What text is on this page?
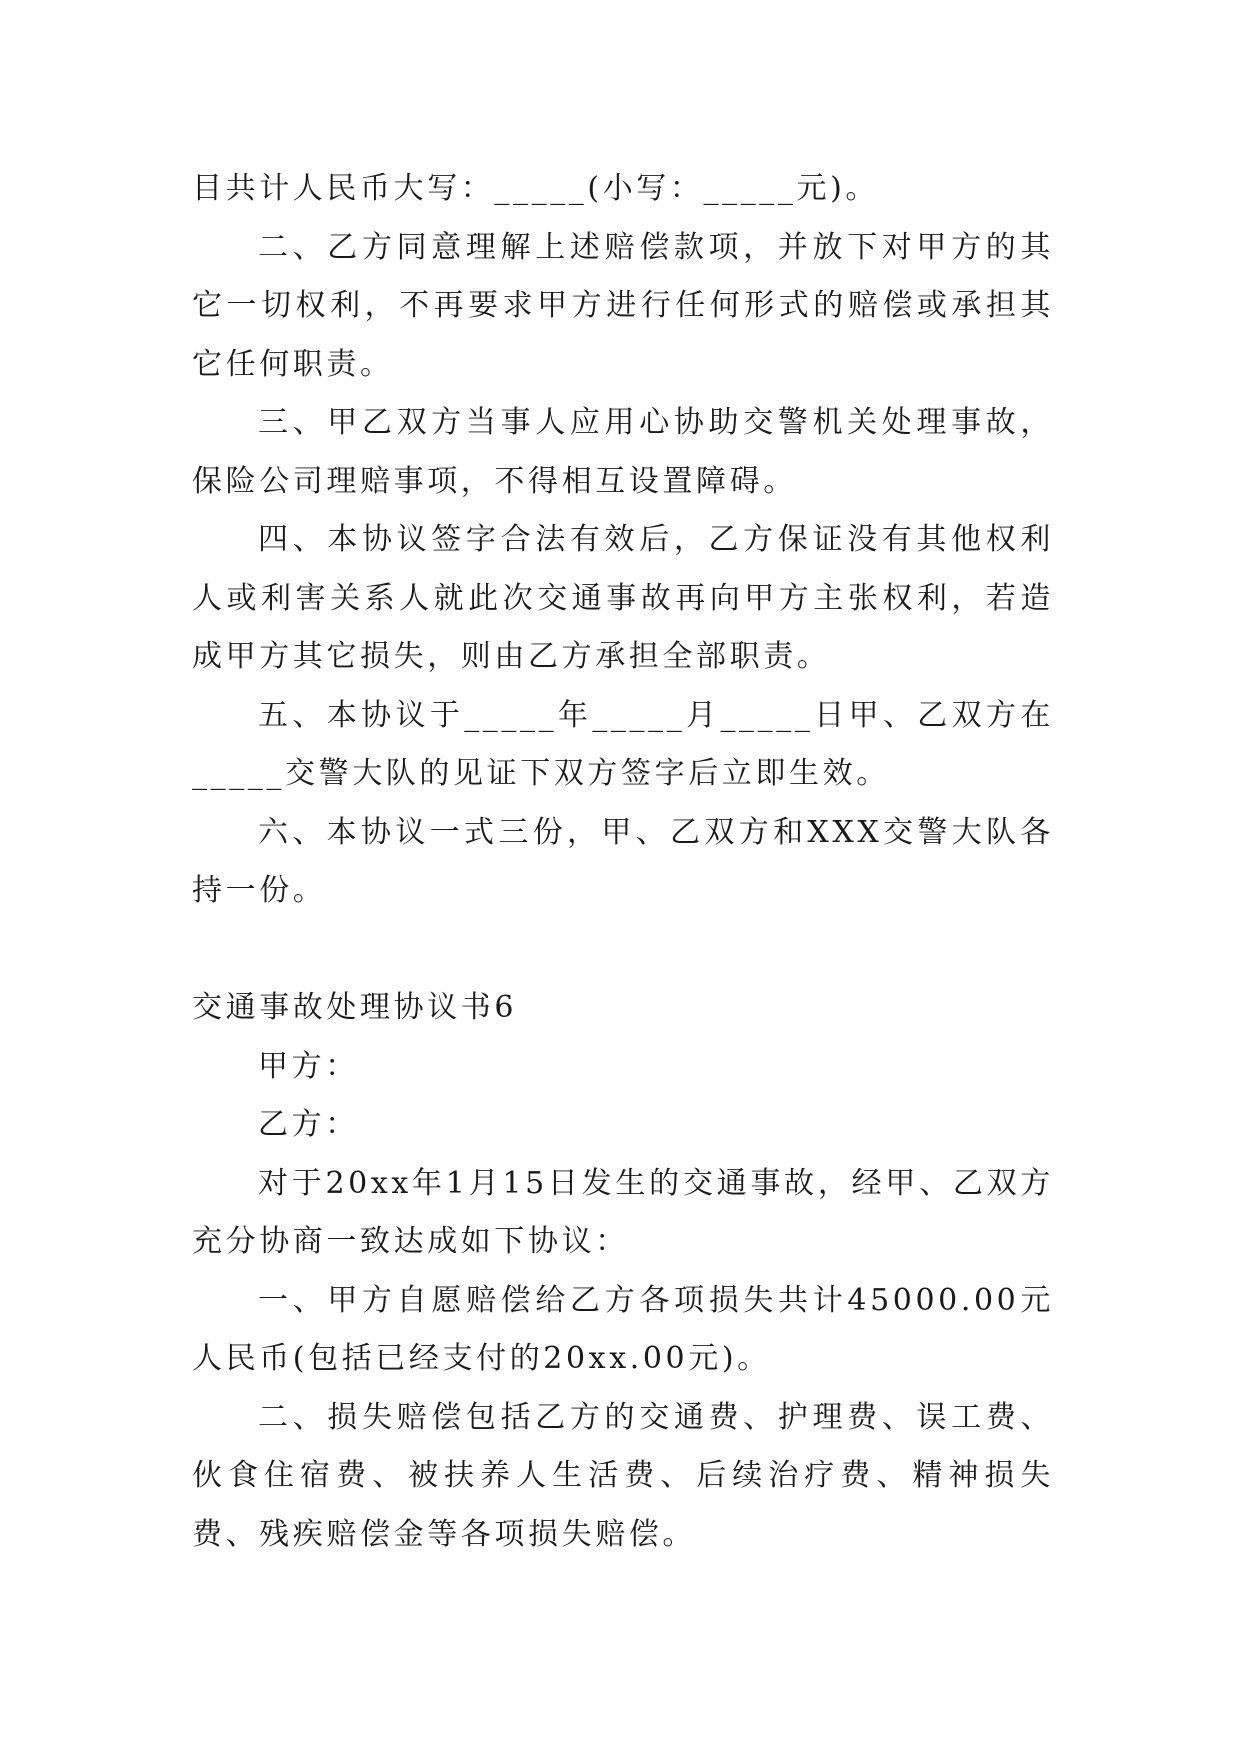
目共计人民币大写：_____(小写：_____元)。

二、乙方同意理解上述赔偿款项，并放下对甲方的其它一切权利，不再要求甲方进行任何形式的赔偿或承担其它任何职责。

三、甲乙双方当事人应用心协助交警机关处理事故，保险公司理赔事项，不得相互设置障碍。

四、本协议签字合法有效后，乙方保证没有其他权利人或利害关系人就此次交通事故再向甲方主张权利，若造成甲方其它损失，则由乙方承担全部职责。

五、本协议于_____年_____月_____日甲、乙双方在_____交警大队的见证下双方签字后立即生效。

六、本协议一式三份，甲、乙双方和XXX交警大队各持一份。

交通事故处理协议书6

甲方：

乙方：

对于20xx年1月15日发生的交通事故，经甲、乙双方充分协商一致达成如下协议：

一、甲方自愿赔偿给乙方各项损失共计45000.00元人民币(包括已经支付的20xx.00元)。

二、损失赔偿包括乙方的交通费、护理费、误工费、伙食住宿费、被扶养人生活费、后续治疗费、精神损失费、残疾赔偿金等各项损失赔偿。
